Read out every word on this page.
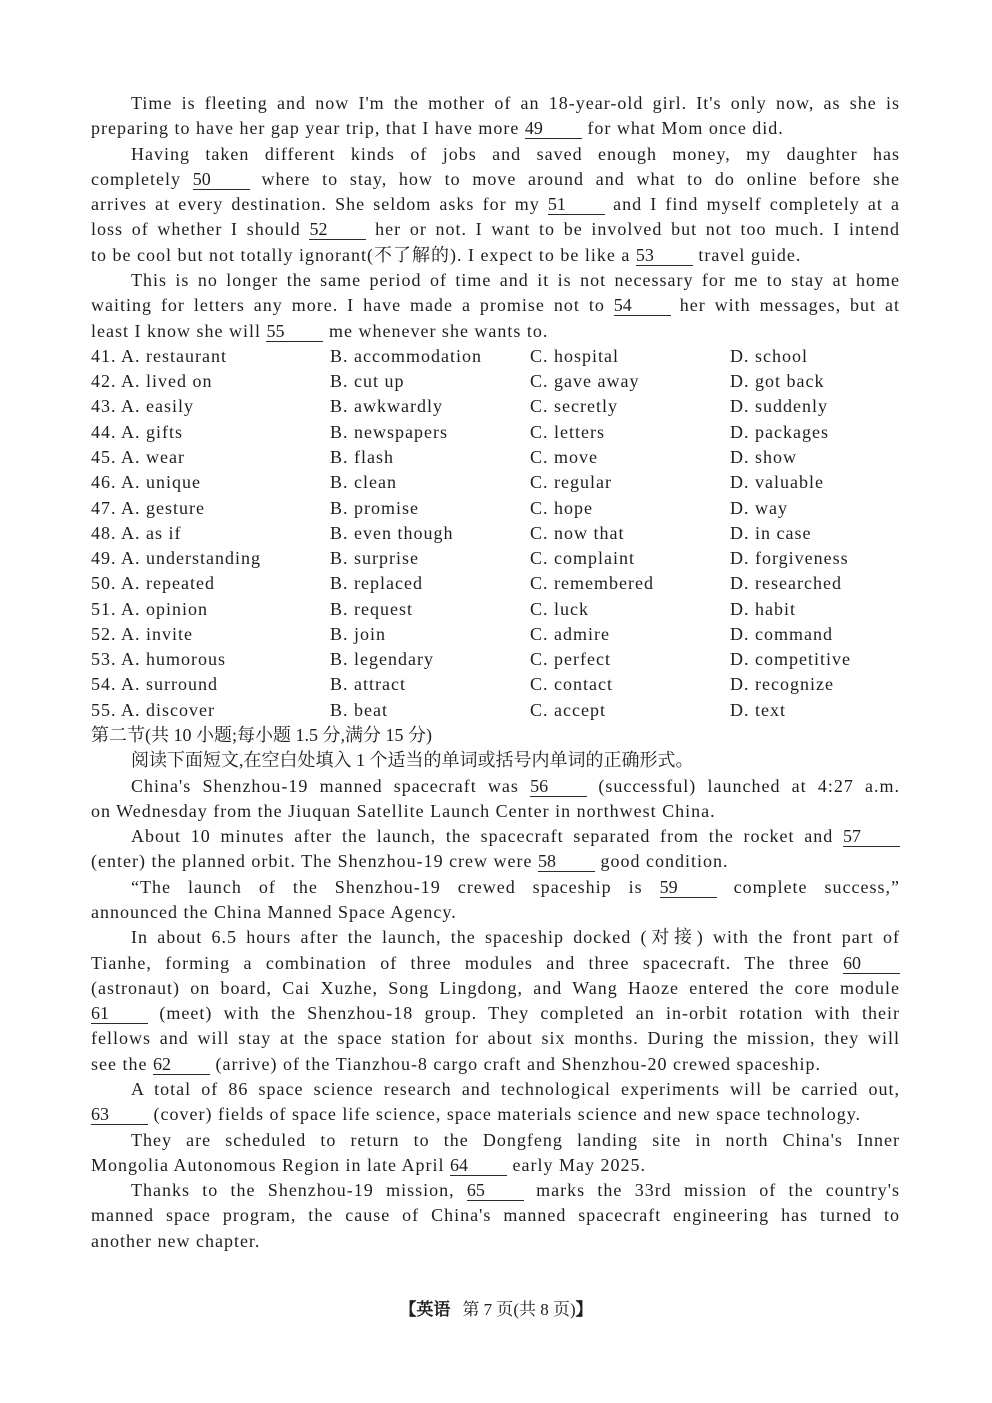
Time is fleeting and now I'm the mother of an 18-year-old girl. It's only now, as she is
preparing to have her gap year trip, that I have more 49 for what Mom once did.
Having taken different kinds of jobs and saved enough money, my daughter has
completely 50	where to stay, how to move around and what to do online before she
arrives at every destination. She seldom asks for my 51	and I find myself completely at a
loss of whether I should 52	her or not. I want to be involved but not too much. I intend
to be cool but not totally ignorant(不了解的). I expect to be like a 53 travel guide.
This is no longer the same period of time and it is not necessary for me to stay at home
waiting for letters any more. I have made a promise not to 54	her with messages, but at
least I know she will 55 me whenever she wants to.
41. A. restaurant	B. accommodation	C. hospital	D. school
42. A. lived on	B. cut up	C. gave away	D. got back
43. A. easily	B. awkwardly	C. secretly	D. suddenly
44. A. gifts	B. newspapers	C. letters	D. packages
45. A. wear	B. flash	C. move	D. show
46. A. unique	B. clean	C. regular	D. valuable
47. A. gesture	B. promise	C. hope	D. way
48. A. as if	B. even though	C. now that	D. in case
49. A. understanding	B. surprise	C. complaint	D. forgiveness
50. A. repeated	B. replaced	C. remembered	D. researched
51. A. opinion	B. request	C. luck	D. habit
52. A. invite	B. join	C. admire	D. command
53. A. humorous	B. legendary	C. perfect	D. competitive
54. A. surround	B. attract	C. contact	D. recognize
55. A. discover	B. beat	C. accept	D. text
第二节(共 10 小题;每小题 1.5 分,满分 15 分)
阅读下面短文,在空白处填入 1 个适当的单词或括号内单词的正确形式。
China's Shenzhou-19 manned spacecraft was 56	(successful) launched at 4:27 a.m.
on Wednesday from the Jiuquan Satellite Launch Center in northwest China.
About 10 minutes after the launch, the spacecraft separated from the rocket and 57
(enter) the planned orbit. The Shenzhou-19 crew were 58 good condition.
“The launch of the Shenzhou-19 crewed spaceship is 59	complete success,”
announced the China Manned Space Agency.
In about 6.5 hours after the launch, the spaceship docked (对接) with the front part of
Tianhe, forming a combination of three modules and three spacecraft. The three 60
(astronaut) on board, Cai Xuzhe, Song Lingdong, and Wang Haoze entered the core module
61	(meet) with the Shenzhou-18 group. They completed an in-orbit rotation with their
fellows and will stay at the space station for about six months. During the mission, they will
see the 62 (arrive) of the Tianzhou-8 cargo craft and Shenzhou-20 crewed spaceship.
A total of 86 space science research and technological experiments will be carried out,
63 (cover) fields of space life science, space materials science and new space technology.
They are scheduled to return to the Dongfeng landing site in north China's Inner
Mongolia Autonomous Region in late April 64 early May 2025.
Thanks to the Shenzhou-19 mission, 65	marks the 33rd mission of the country's
manned space program, the cause of China's manned spacecraft engineering has turned to
another new chapter.
【英语 第 7 页(共 8 页)】
